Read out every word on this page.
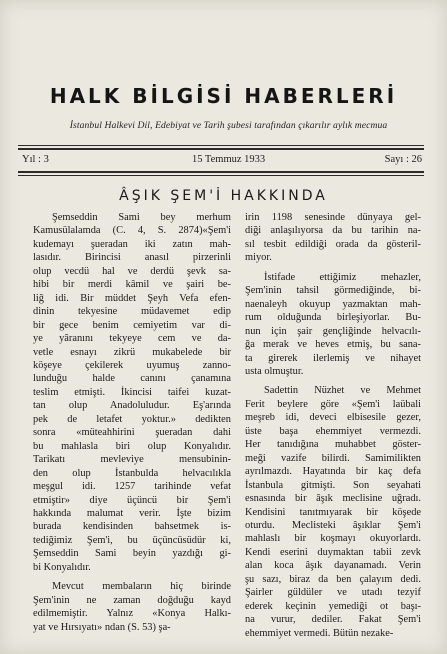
HALK BİLGİSİ HABERLERİ
İstanbul Halkevi Dil, Edebiyat ve Tarih şubesi tarafından çıkarılır aylık mecmua
Yıl : 3	15 Temmuz 1933	Sayı : 26
ÂŞIK ŞEM'İ HAKKINDA
Şemseddin Sami bey merhum
Kamusülalamda (C. 4, S. 2874)«Şem'i
kudemayı şueradan iki zatın mah-
lasıdır. Birincisi anasıl pirzerinli
olup vecdü hal ve derdü şevk sa-
hibi bir merdi kâmil ve şairi be-
liğ idi. Bir müddet Şeyh Vefa efen-
dinin tekyesine müdavemet edip
bir gece benim cemiyetim var di-
ye yâranını tekyeye cem ve da-
vetle esnayı zikrü mukabelede bir
köşeye çekilerek uyumuş zanno-
lunduğu halde canını çanamına
teslim etmişti. İkincisi taifei kuzat-
tan olup Anadoluludur. Eş'arında
pek de letafet yoktur.» dedikten
sonra «müteahhirini şueradan dahi
bu mahlasla biri olup Konyalıdır.
Tarikatı mevleviye mensubinin-
den olup İstanbulda helvacılıkla
meşgul idi. 1257 tarihinde vefat
etmiştir» diye üçüncü bir Şem'i
hakkında malumat verir. İşte bizim
burada kendisinden bahsetmek is-
tediğimiz Şem'i, bu üçüncüsüdür ki,
Şemseddin Sami beyin yazdığı gi-
bi Konyalıdır.
Mevcut membaların hiç birinde
Şem'inin ne zaman doğduğu kayd
edilmemiştir. Yalnız «Konya Halkı-
yat ve Hırsıyatı» ndan (S. 53) şa-
irin 1198 senesinde dünyaya gel-
diği anlaşılıyorsa da bu tarihin na-
sıl tesbit edildiği orada da gösteril-
miyor.
İstifade ettiğimiz mehazler,
Şem'inin tahsil görmediğinde, bi-
naenaleyh okuyup yazmaktan mah-
rum olduğunda birleşiyorlar. Bu-
nun için şair gençliğinde helvacılı-
ğa merak ve heves etmiş, bu sana-
ta girerek ilerlemiş ve nihayet
usta olmuştur.
Sadettin Nüzhet ve Mehmet
Ferit beylere göre «Şem'i laübali
meşreb idi, deveci elbisesile gezer,
üste başa ehemmiyet vermezdi.
Her tanıdığına muhabbet göster-
meği vazife bilirdi. Samimilikten
ayrılmazdı. Hayatında bir kaç defa
İstanbula gitmişti. Son seyahati
esnasında bir âşık meclisine uğradı.
Kendisini tanıtmıyarak bir köşede
oturdu. Meclisteki âşıklar Şem'i
mahlaslı bir koşmayı okuyorlardı.
Kendi eserini duymaktan tabii zevk
alan koca âşık dayanamadı. Verin
şu sazı, biraz da ben çalayım dedi.
Şairler güldüler ve utadı tezyif
ederek keçinin yemediği ot başı-
na vurur, dediler. Fakat Şem'i
ehemmiyet vermedi. Bütün nezake-
